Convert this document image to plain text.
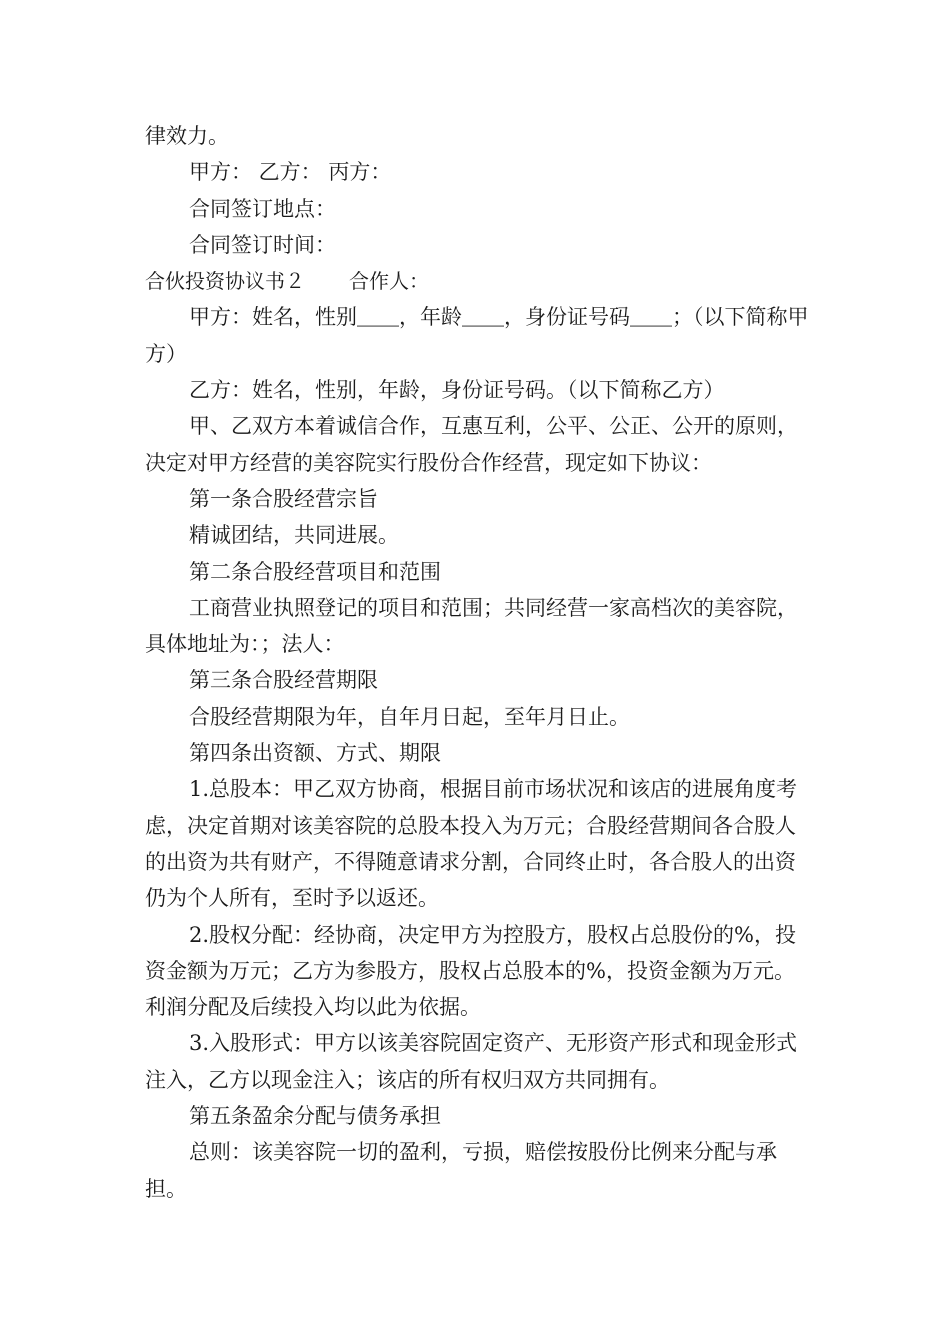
律效力。

甲方： 乙方： 丙方：

合同签订地点：

合同签订时间：

合伙投资协议书２ 合作人：

甲方：姓名，性别＿＿，年龄＿＿，身份证号码＿＿；（以下简称甲方）

乙方：姓名，性别，年龄，身份证号码。（以下简称乙方）

甲、乙双方本着诚信合作，互惠互利，公平、公正、公开的原则，决定对甲方经营的美容院实行股份合作经营，现定如下协议：

第一条合股经营宗旨

精诚团结，共同进展。

第二条合股经营项目和范围

工商营业执照登记的项目和范围；共同经营一家高档次的美容院，具体地址为：；法人：

第三条合股经营期限

合股经营期限为年，自年月日起，至年月日止。

第四条出资额、方式、期限

1.总股本：甲乙双方协商，根据目前市场状况和该店的进展角度考虑，决定首期对该美容院的总股本投入为万元；合股经营期间各合股人的出资为共有财产，不得随意请求分割，合同终止时，各合股人的出资仍为个人所有，至时予以返还。

2.股权分配：经协商，决定甲方为控股方，股权占总股份的%，投资金额为万元；乙方为参股方，股权占总股本的%，投资金额为万元。利润分配及后续投入均以此为依据。

3.入股形式：甲方以该美容院固定资产、无形资产形式和现金形式注入，乙方以现金注入；该店的所有权归双方共同拥有。

第五条盈余分配与债务承担

总则：该美容院一切的盈利，亏损，赔偿按股份比例来分配与承担。
